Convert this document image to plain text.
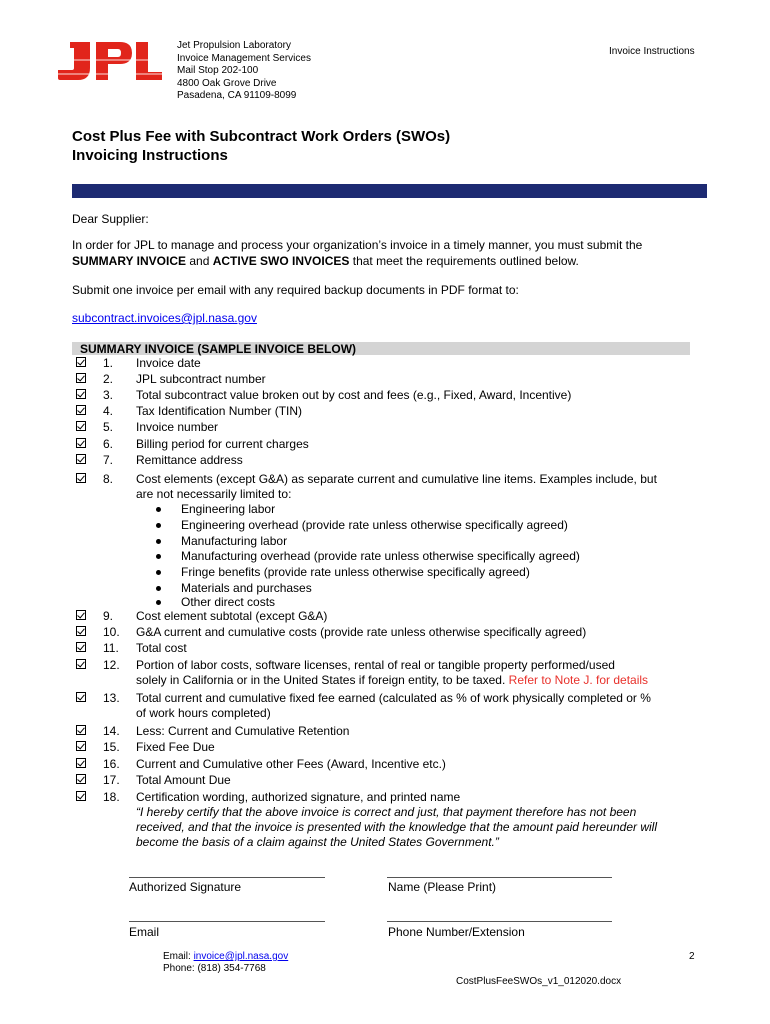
Jet Propulsion Laboratory
Invoice Management Services
Mail Stop 202-100
4800 Oak Grove Drive
Pasadena, CA 91109-8099
Invoice Instructions
Cost Plus Fee with Subcontract Work Orders (SWOs)
Invoicing Instructions
Dear Supplier:
In order for JPL to manage and process your organization’s invoice in a timely manner, you must submit the
SUMMARY INVOICE and ACTIVE SWO INVOICES that meet the requirements outlined below.
Submit one invoice per email with any required backup documents in PDF format to:
subcontract.invoices@jpl.nasa.gov
SUMMARY INVOICE (SAMPLE INVOICE BELOW)
1. Invoice date
2. JPL subcontract number
3. Total subcontract value broken out by cost and fees (e.g., Fixed, Award, Incentive)
4. Tax Identification Number (TIN)
5. Invoice number
6. Billing period for current charges
7. Remittance address
8. Cost elements (except G&A) as separate current and cumulative line items. Examples include, but
are not necessarily limited to:
Engineering labor
Engineering overhead (provide rate unless otherwise specifically agreed)
Manufacturing labor
Manufacturing overhead (provide rate unless otherwise specifically agreed)
Fringe benefits (provide rate unless otherwise specifically agreed)
Materials and purchases
Other direct costs
9. Cost element subtotal (except G&A)
10. G&A current and cumulative costs (provide rate unless otherwise specifically agreed)
11. Total cost
12. Portion of labor costs, software licenses, rental of real or tangible property performed/used
solely in California or in the United States if foreign entity, to be taxed. Refer to Note J. for details
13. Total current and cumulative fixed fee earned (calculated as % of work physically completed or %
of work hours completed)
14. Less: Current and Cumulative Retention
15. Fixed Fee Due
16. Current and Cumulative other Fees (Award, Incentive etc.)
17. Total Amount Due
18. Certification wording, authorized signature, and printed name
“I hereby certify that the above invoice is correct and just, that payment therefore has not been
received, and that the invoice is presented with the knowledge that the amount paid hereunder will
become the basis of a claim against the United States Government.”
Authorized Signature	Name (Please Print)
Email	Phone Number/Extension
Email: invoice@jpl.nasa.gov
Phone: (818) 354-7768
2
CostPlusFeeSWOs_v1_012020.docx
